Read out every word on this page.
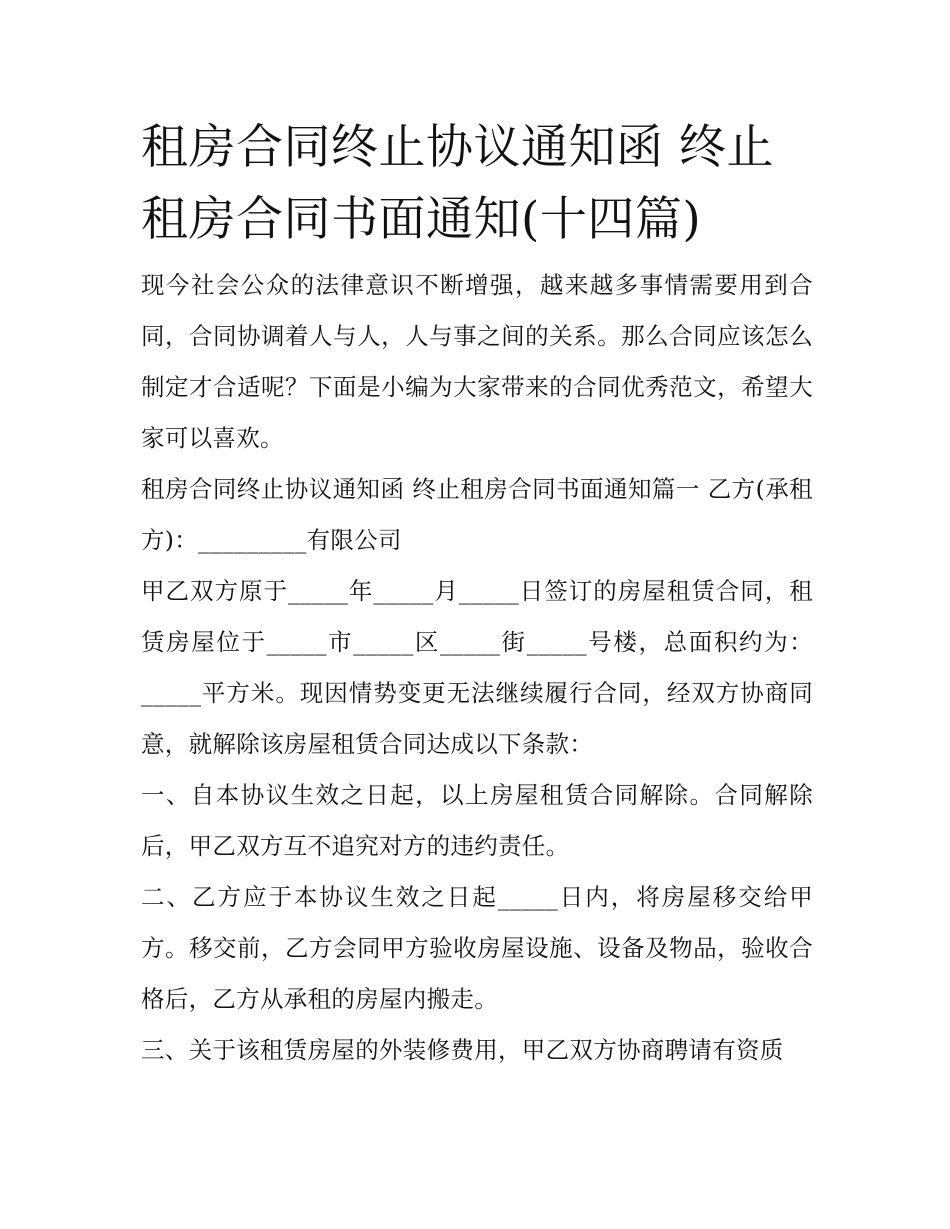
租房合同终止协议通知函 终止租房合同书面通知(十四篇)

现今社会公众的法律意识不断增强，越来越多事情需要用到合同，合同协调着人与人，人与事之间的关系。那么合同应该怎么制定才合适呢？下面是小编为大家带来的合同优秀范文，希望大家可以喜欢。

租房合同终止协议通知函 终止租房合同书面通知篇一 乙方(承租方)：_________有限公司

甲乙双方原于_____年_____月_____日签订的房屋租赁合同，租赁房屋位于_____市_____区_____街_____号楼，总面积约为：_____平方米。现因情势变更无法继续履行合同，经双方协商同意，就解除该房屋租赁合同达成以下条款：

一、自本协议生效之日起，以上房屋租赁合同解除。合同解除后，甲乙双方互不追究对方的违约责任。

二、乙方应于本协议生效之日起_____日内，将房屋移交给甲方。移交前，乙方会同甲方验收房屋设施、设备及物品，验收合格后，乙方从承租的房屋内搬走。

三、关于该租赁房屋的外装修费用，甲乙双方协商聘请有资质
